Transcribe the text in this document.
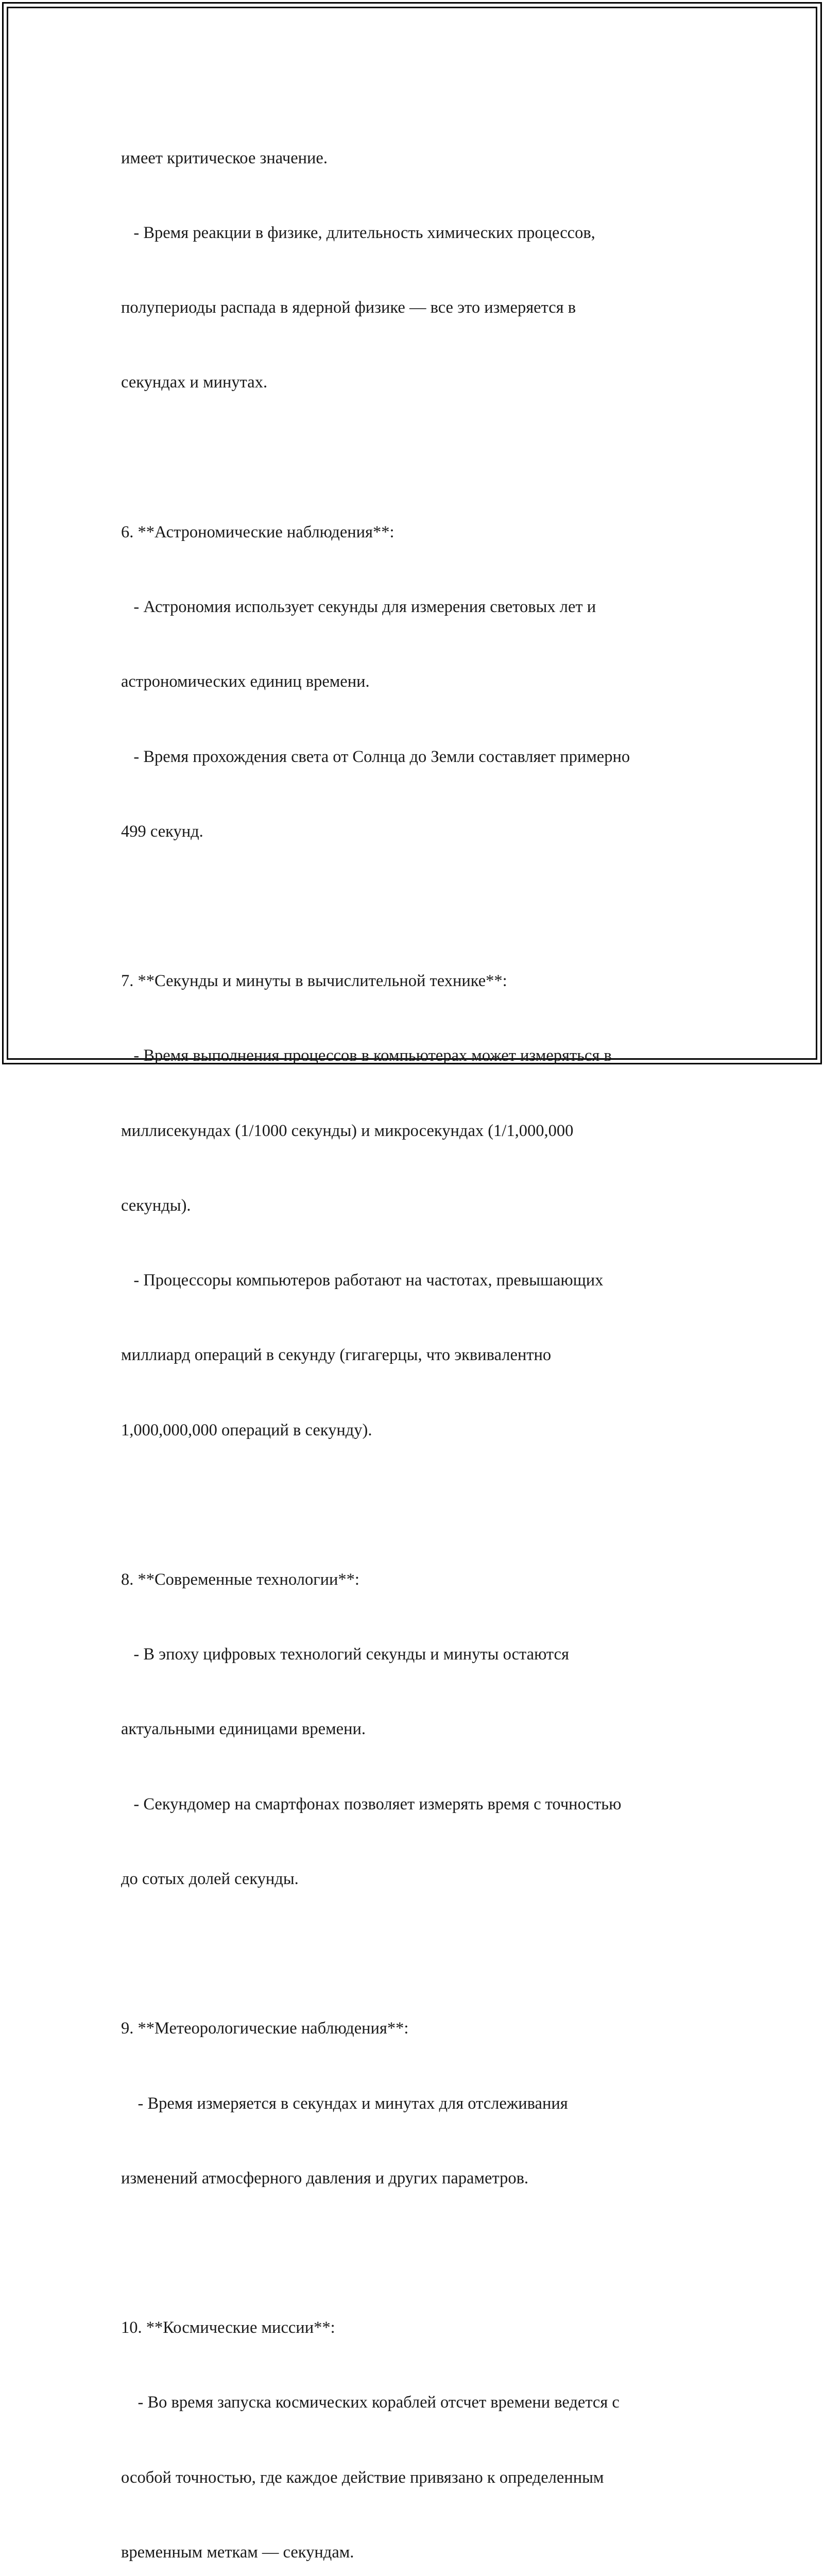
имеет критическое значение.

- Время реакции в физике, длительность химических процессов,

полупериоды распада в ядерной физике — все это измеряется в

секундах и минутах.

6. **Астрономические наблюдения**:

- Астрономия использует секунды для измерения световых лет и

астрономических единиц времени.

- Время прохождения света от Солнца до Земли составляет примерно

499 секунд.

7. **Секунды и минуты в вычислительной технике**:

- Время выполнения процессов в компьютерах может измеряться в

миллисекундах (1/1000 секунды) и микросекундах (1/1,000,000

секунды).

- Процессоры компьютеров работают на частотах, превышающих

миллиард операций в секунду (гигагерцы, что эквивалентно

1,000,000,000 операций в секунду).

8. **Современные технологии**:

- В эпоху цифровых технологий секунды и минуты остаются

актуальными единицами времени.

- Секундомер на смартфонах позволяет измерять время с точностью

до сотых долей секунды.

9. **Метеорологические наблюдения**:

- Время измеряется в секундах и минутах для отслеживания

изменений атмосферного давления и других параметров.

10. **Космические миссии**:

- Во время запуска космических кораблей отсчет времени ведется с

особой точностью, где каждое действие привязано к определенным

временным меткам — секундам.
